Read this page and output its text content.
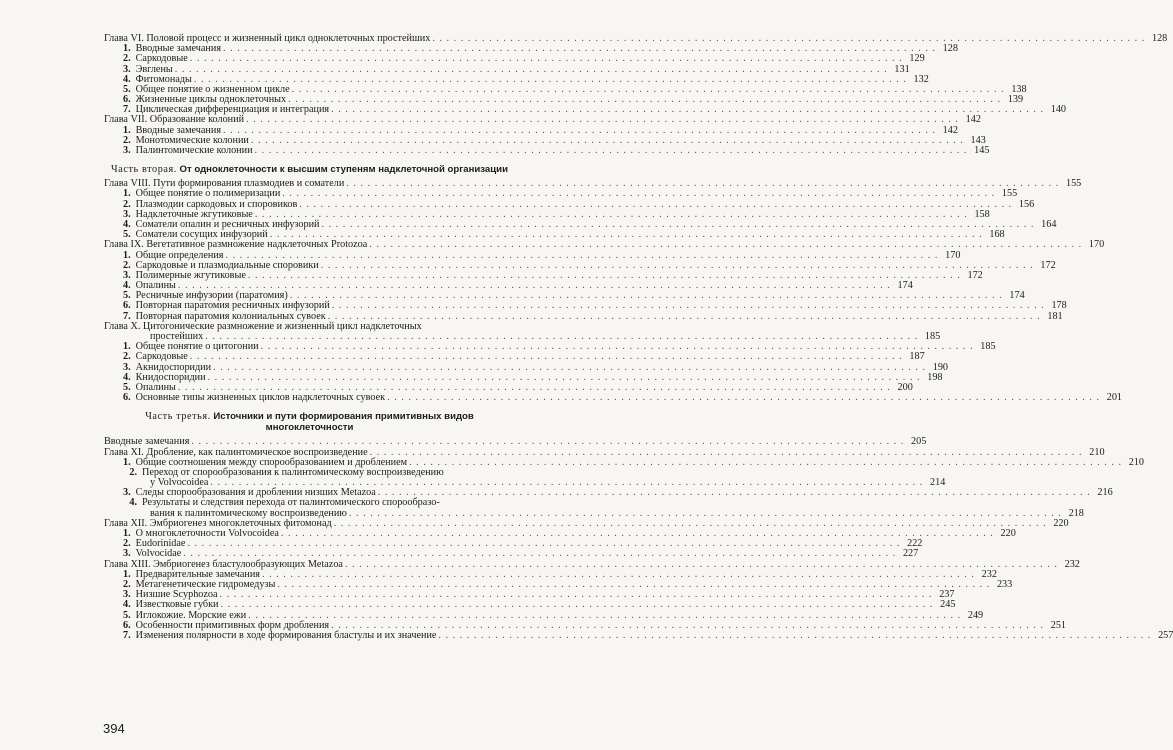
Глава VI. Половой процесс и жизненный цикл одноклеточных простейших . . .	128
1. Вводные замечания . . .	128
2. Саркодовые . . .	129
3. Эвглены . . .	131
4. Фитомонады . . .	132
5. Общее понятие о жизненном цикле . . .	138
6. Жизненные циклы одноклеточных . . .	139
7. Циклическая дифференциация и интеграция . . .	140
Глава VII. Образование колоний . . .	142
1. Вводные замечания . . .	142
2. Монотомические колонии . . .	143
3. Палинтомические колонии . . .	145
Часть вторая. От одноклеточности к высшим ступеням надклеточной организации
Глава VIII. Пути формирования плазмодиев и соматели . . .	155
1. Общее понятие о полимеризации . . .	155
2. Плазмодии саркодовых и споровиков . . .	156
3. Надклеточные жгутиковые . . .	158
4. Соматели опалин и ресничных инфузорий . . .	164
5. Соматели сосущих инфузорий . . .	168
Глава IX. Вегетативное размножение надклеточных Protozoa . . .	170
1. Общие определения . . .	170
2. Саркодовые и плазмодиальные споровики . . .	172
3. Полимерные жгутиковые . . .	172
4. Опалины . . .	174
5. Ресничные инфузории (паратомия) . . .	174
6. Повторная паратомия ресничных инфузорий . . .	178
7. Повторная паратомия колониальных сувоек . . .	181
Глава X. Цитогонические размножение и жизненный цикл надклеточных
простейших . . .	185
1. Общее понятие о цитогонии . . .	185
2. Саркодовые . . .	187
3. Акнидоспоридии . . .	190
4. Книдоспоридии . . .	198
5. Опалины . . .	200
6. Основные типы жизненных циклов надклеточных сувоек . . .	201
Часть третья. Источники и пути формирования примитивных видов многоклеточности
Вводные замечания . . .	205
Глава XI. Дробление, как палинтомическое воспроизведение . . .	210
1. Общие соотношения между спорообразованием и дроблением . . .	210
2. Переход от спорообразования к палинтомическому воспроизведению
у Volvocoidea . . .	214
3. Следы спорообразования и дроблении низших Metazoa . . .	216
4. Результаты и следствия перехода от палинтомического спорообразо-
вания к палинтомическому воспроизведению . . .	218
Глава XII. Эмбриогенез многоклеточных фитомонад . . .	220
1. О многоклеточности Volvocoidea . . .	220
2. Eudorinidae . . .	222
3. Volvocidae . . .	227
Глава XIII. Эмбриогенез бластулообразующих Metazoa . . .	232
1. Предварительные замечания . . .	232
2. Метагенетические гидромедузы . . .	233
3. Низшие Scyphozoa . . .	237
4. Известковые губки . . .	245
5. Иглокожие. Морские ежи . . .	249
6. Особенности примитивных форм дробления . . .	251
7. Изменения полярности в ходе формирования бластулы и их значение . . .	257
394
